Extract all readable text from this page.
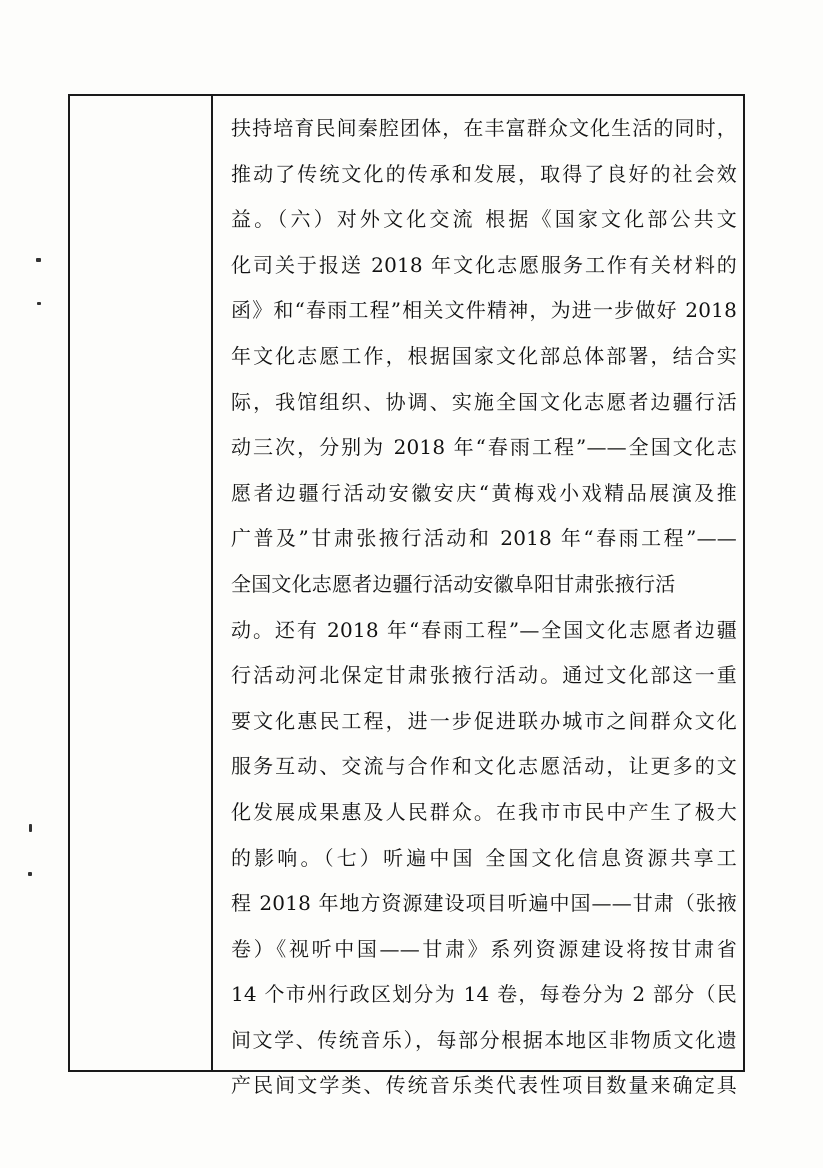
扶持培育民间秦腔团体，在丰富群众文化生活的同时，
推动了传统文化的传承和发展，取得了良好的社会效
益。（六）对外文化交流 根据《国家文化部公共文
化司关于报送 2018 年文化志愿服务工作有关材料的
函》和“春雨工程”相关文件精神，为进一步做好 2018
年文化志愿工作，根据国家文化部总体部署，结合实
际，我馆组织、协调、实施全国文化志愿者边疆行活
动三次，分别为 2018 年“春雨工程”——全国文化志
愿者边疆行活动安徽安庆“黄梅戏小戏精品展演及推
广普及”甘肃张掖行活动和 2018 年“春雨工程”——
全国文化志愿者边疆行活动安徽阜阳甘肃张掖行活
动。还有 2018 年“春雨工程”—全国文化志愿者边疆
行活动河北保定甘肃张掖行活动。通过文化部这一重
要文化惠民工程，进一步促进联办城市之间群众文化
服务互动、交流与合作和文化志愿活动，让更多的文
化发展成果惠及人民群众。在我市市民中产生了极大
的影响。（七）听遍中国 全国文化信息资源共享工
程 2018 年地方资源建设项目听遍中国——甘肃（张掖
卷）《视听中国——甘肃》系列资源建设将按甘肃省
14 个市州行政区划分为 14 卷，每卷分为 2 部分（民
间文学、传统音乐），每部分根据本地区非物质文化遗
产民间文学类、传统音乐类代表性项目数量来确定具
